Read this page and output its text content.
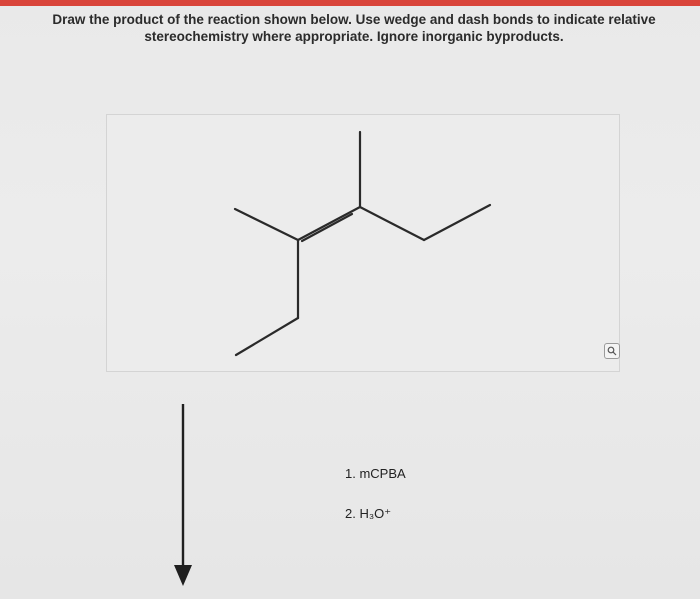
Draw the product of the reaction shown below. Use wedge and dash bonds to indicate relative
stereochemistry where appropriate. Ignore inorganic byproducts.
1. mCPBA
2. H₃O⁺
